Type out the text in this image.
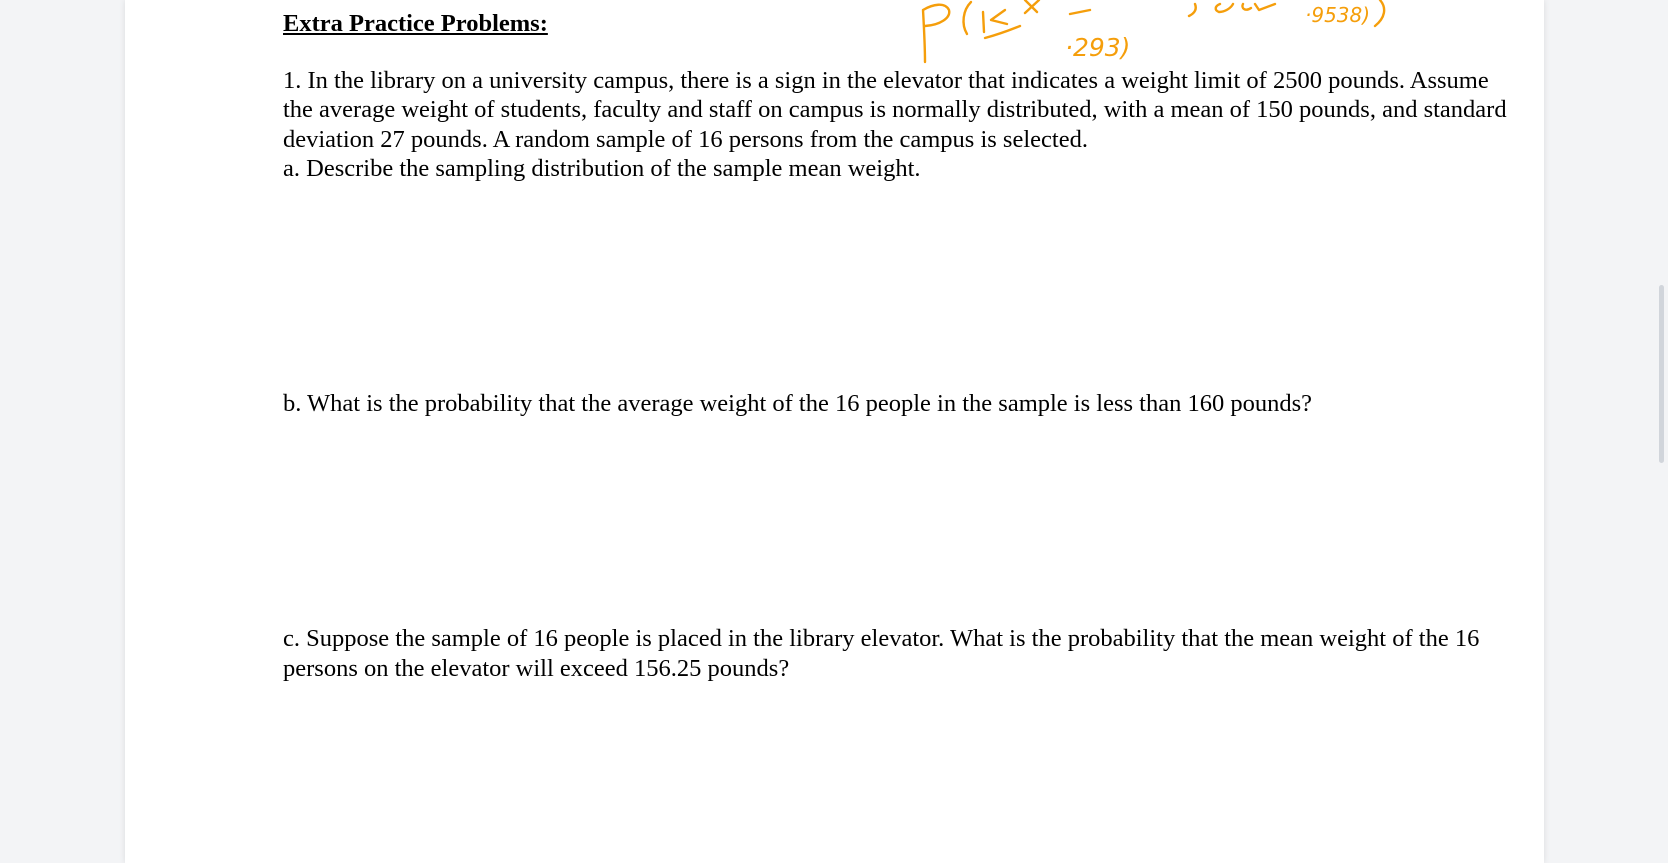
·293)
·9538)
Extra Practice Problems:

1. In the library on a university campus, there is a sign in the elevator that indicates a weight limit of 2500 pounds. Assume the average weight of students, faculty and staff on campus is normally distributed, with a mean of 150 pounds, and standard deviation 27 pounds. A random sample of 16 persons from the campus is selected.

a. Describe the sampling distribution of the sample mean weight.

b. What is the probability that the average weight of the 16 people in the sample is less than 160 pounds?

c. Suppose the sample of 16 people is placed in the library elevator. What is the probability that the mean weight of the 16 persons on the elevator will exceed 156.25 pounds?
